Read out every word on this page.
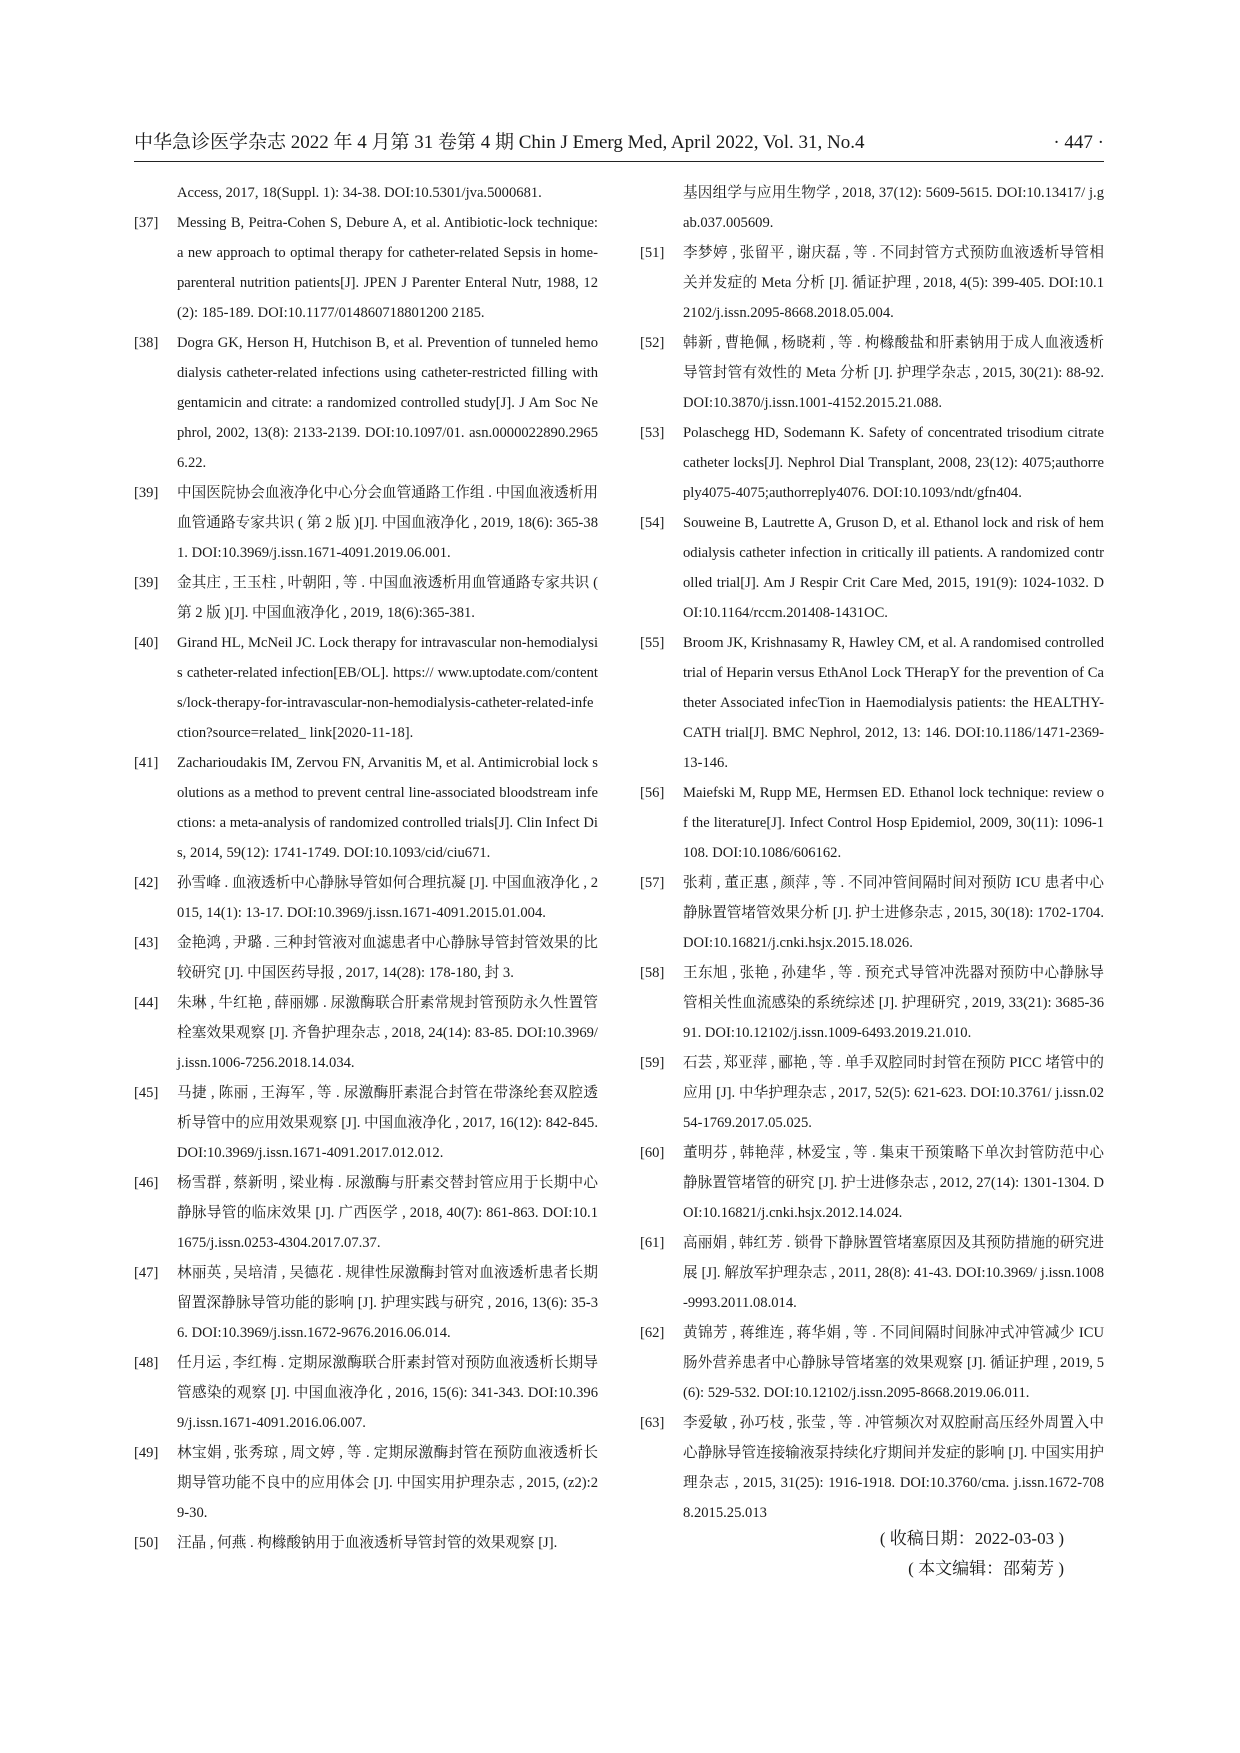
中华急诊医学杂志 2022 年 4 月第 31 卷第 4 期 Chin J Emerg Med, April 2022, Vol. 31, No.4	· 447 ·
Access, 2017, 18(Suppl. 1): 34-38. DOI:10.5301/jva.5000681.
[37] Messing B, Peitra-Cohen S, Debure A, et al. Antibiotic-lock technique: a new approach to optimal therapy for catheter-related Sepsis in home-parenteral nutrition patients[J]. JPEN J Parenter Enteral Nutr, 1988, 12(2): 185-189. DOI:10.1177/014860718801200 2185.
[38] Dogra GK, Herson H, Hutchison B, et al. Prevention of tunneled hemodialysis catheter-related infections using catheter-restricted filling with gentamicin and citrate: a randomized controlled study[J]. J Am Soc Nephrol, 2002, 13(8): 2133-2139. DOI:10.1097/01. asn.0000022890.29656.22.
[39] 中国医院协会血液净化中心分会血管通路工作组 . 中国血液透析用血管通路专家共识 ( 第 2 版 )[J]. 中国血液净化 , 2019, 18(6): 365-381. DOI:10.3969/j.issn.1671-4091.2019.06.001.
[39] 金其庄 , 王玉柱 , 叶朝阳 , 等 . 中国血液透析用血管通路专家共识 ( 第 2 版 )[J]. 中国血液净化 , 2019, 18(6):365-381.
[40] Girand HL, McNeil JC. Lock therapy for intravascular non-hemodialysis catheter-related infection[EB/OL]. https:// www.uptodate.com/contents/lock-therapy-for-intravascular-non-hemodialysis-catheter-related-infection?source=related_ link[2020-11-18].
[41] Zacharioudakis IM, Zervou FN, Arvanitis M, et al. Antimicrobial lock solutions as a method to prevent central line-associated bloodstream infections: a meta-analysis of randomized controlled trials[J]. Clin Infect Dis, 2014, 59(12): 1741-1749. DOI:10.1093/cid/ciu671.
[42] 孙雪峰 . 血液透析中心静脉导管如何合理抗凝 [J]. 中国血液净化 , 2015, 14(1): 13-17. DOI:10.3969/j.issn.1671-4091.2015.01.004.
[43] 金艳鸿 , 尹璐 . 三种封管液对血滤患者中心静脉导管封管效果的比较研究 [J]. 中国医药导报 , 2017, 14(28): 178-180, 封 3.
[44] 朱琳 , 牛红艳 , 薛丽娜 . 尿激酶联合肝素常规封管预防永久性置管栓塞效果观察 [J]. 齐鲁护理杂志 , 2018, 24(14): 83-85. DOI:10.3969/j.issn.1006-7256.2018.14.034.
[45] 马捷 , 陈丽 , 王海军 , 等 . 尿激酶肝素混合封管在带涤纶套双腔透析导管中的应用效果观察 [J]. 中国血液净化 , 2017, 16(12): 842-845. DOI:10.3969/j.issn.1671-4091.2017.012.012.
[46] 杨雪群 , 蔡新明 , 梁业梅 . 尿激酶与肝素交替封管应用于长期中心静脉导管的临床效果 [J]. 广西医学 , 2018, 40(7): 861-863. DOI:10.11675/j.issn.0253-4304.2017.07.37.
[47] 林丽英 , 吴培清 , 吴德花 . 规律性尿激酶封管对血液透析患者长期留置深静脉导管功能的影响 [J]. 护理实践与研究 , 2016, 13(6): 35-36. DOI:10.3969/j.issn.1672-9676.2016.06.014.
[48] 任月运 , 李红梅 . 定期尿激酶联合肝素封管对预防血液透析长期导管感染的观察 [J]. 中国血液净化 , 2016, 15(6): 341-343. DOI:10.3969/j.issn.1671-4091.2016.06.007.
[49] 林宝娟 , 张秀琼 , 周文婷 , 等 . 定期尿激酶封管在预防血液透析长期导管功能不良中的应用体会 [J]. 中国实用护理杂志 , 2015, (z2):29-30.
[50] 汪晶 , 何燕 . 枸橼酸钠用于血液透析导管封管的效果观察 [J].
基因组学与应用生物学 , 2018, 37(12): 5609-5615. DOI:10.13417/ j.gab.037.005609.
[51] 李梦婷 , 张留平 , 谢庆磊 , 等 . 不同封管方式预防血液透析导管相关并发症的 Meta 分析 [J]. 循证护理 , 2018, 4(5): 399-405. DOI:10.12102/j.issn.2095-8668.2018.05.004.
[52] 韩新 , 曹艳佩 , 杨晓莉 , 等 . 枸橼酸盐和肝素钠用于成人血液透析导管封管有效性的 Meta 分析 [J]. 护理学杂志 , 2015, 30(21): 88-92. DOI:10.3870/j.issn.1001-4152.2015.21.088.
[53] Polaschegg HD, Sodemann K. Safety of concentrated trisodium citrate catheter locks[J]. Nephrol Dial Transplant, 2008, 23(12): 4075;authorreply4075-4075;authorreply4076. DOI:10.1093/ndt/gfn404.
[54] Souweine B, Lautrette A, Gruson D, et al. Ethanol lock and risk of hemodialysis catheter infection in critically ill patients. A randomized controlled trial[J]. Am J Respir Crit Care Med, 2015, 191(9): 1024-1032. DOI:10.1164/rccm.201408-1431OC.
[55] Broom JK, Krishnasamy R, Hawley CM, et al. A randomised controlled trial of Heparin versus EthAnol Lock THerapY for the prevention of Catheter Associated infecTion in Haemodialysis patients: the HEALTHY-CATH trial[J]. BMC Nephrol, 2012, 13: 146. DOI:10.1186/1471-2369-13-146.
[56] Maiefski M, Rupp ME, Hermsen ED. Ethanol lock technique: review of the literature[J]. Infect Control Hosp Epidemiol, 2009, 30(11): 1096-1108. DOI:10.1086/606162.
[57] 张莉 , 董正惠 , 颜萍 , 等 . 不同冲管间隔时间对预防 ICU 患者中心静脉置管堵管效果分析 [J]. 护士进修杂志 , 2015, 30(18): 1702-1704. DOI:10.16821/j.cnki.hsjx.2015.18.026.
[58] 王东旭 , 张艳 , 孙建华 , 等 . 预充式导管冲洗器对预防中心静脉导管相关性血流感染的系统综述 [J]. 护理研究 , 2019, 33(21): 3685-3691. DOI:10.12102/j.issn.1009-6493.2019.21.010.
[59] 石芸 , 郑亚萍 , 郦艳 , 等 . 单手双腔同时封管在预防 PICC 堵管中的应用 [J]. 中华护理杂志 , 2017, 52(5): 621-623. DOI:10.3761/ j.issn.0254-1769.2017.05.025.
[60] 董明芬 , 韩艳萍 , 林爱宝 , 等 . 集束干预策略下单次封管防范中心静脉置管堵管的研究 [J]. 护士进修杂志 , 2012, 27(14): 1301-1304. DOI:10.16821/j.cnki.hsjx.2012.14.024.
[61] 高丽娟 , 韩红芳 . 锁骨下静脉置管堵塞原因及其预防措施的研究进展 [J]. 解放军护理杂志 , 2011, 28(8): 41-43. DOI:10.3969/ j.issn.1008-9993.2011.08.014.
[62] 黄锦芳 , 蒋维连 , 蒋华娟 , 等 . 不同间隔时间脉冲式冲管减少 ICU 肠外营养患者中心静脉导管堵塞的效果观察 [J]. 循证护理 , 2019, 5(6): 529-532. DOI:10.12102/j.issn.2095-8668.2019.06.011.
[63] 李爱敏 , 孙巧枝 , 张莹 , 等 . 冲管频次对双腔耐高压经外周置入中心静脉导管连接输液泵持续化疗期间并发症的影响 [J]. 中国实用护理杂志 , 2015, 31(25): 1916-1918. DOI:10.3760/cma. j.issn.1672-7088.2015.25.013
( 收稿日期：2022-03-03 )
( 本文编辑：邵菊芳 )
